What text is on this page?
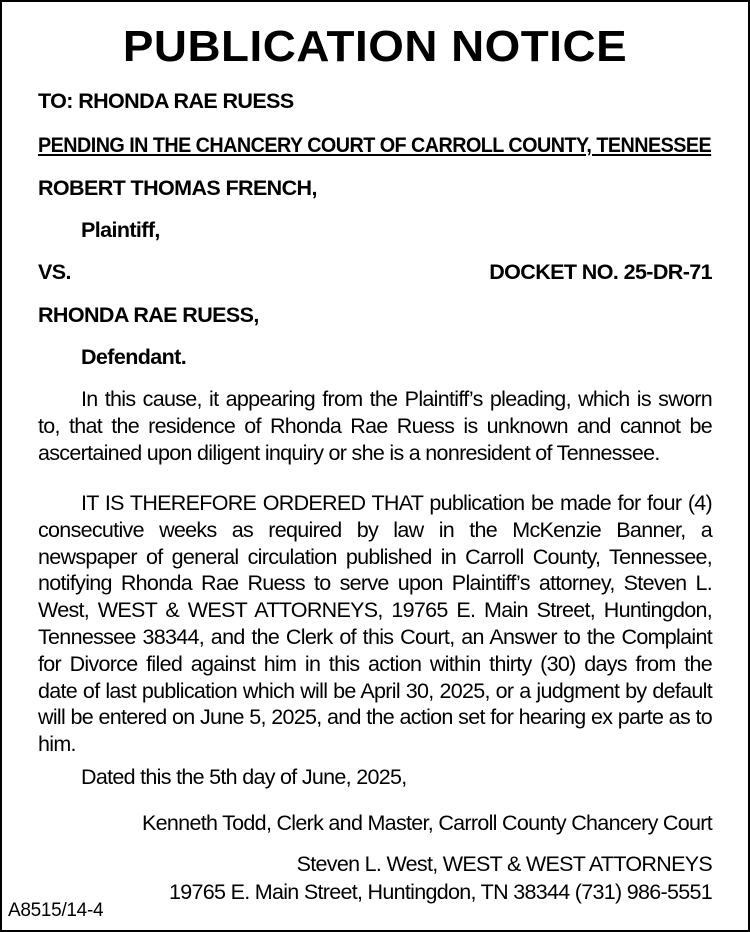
PUBLICATION NOTICE

TO: RHONDA RAE RUESS

PENDING IN THE CHANCERY COURT OF CARROLL COUNTY, TENNESSEE

ROBERT THOMAS FRENCH,

Plaintiff,

VS.	DOCKET NO. 25-DR-71

RHONDA RAE RUESS,

Defendant.

In this cause, it appearing from the Plaintiff’s pleading, which is sworn to, that the residence of Rhonda Rae Ruess is unknown and cannot be ascertained upon diligent inquiry or she is a nonresident of Tennessee.

IT IS THEREFORE ORDERED THAT publication be made for four (4) consecutive weeks as required by law in the McKenzie Banner, a newspaper of general circulation published in Carroll County, Tennessee, notifying Rhonda Rae Ruess to serve upon Plaintiff’s attorney, Steven L. West, WEST & WEST ATTORNEYS, 19765 E. Main Street, Huntingdon, Tennessee 38344, and the Clerk of this Court, an Answer to the Complaint for Divorce filed against him in this action within thirty (30) days from the date of last publication which will be April 30, 2025, or a judgment by default will be entered on June 5, 2025, and the action set for hearing ex parte as to him.

Dated this the 5th day of June, 2025,

Kenneth Todd, Clerk and Master, Carroll County Chancery Court

Steven L. West, WEST & WEST ATTORNEYS

19765 E. Main Street, Huntingdon, TN 38344 (731) 986-5551

A8515/14-4
